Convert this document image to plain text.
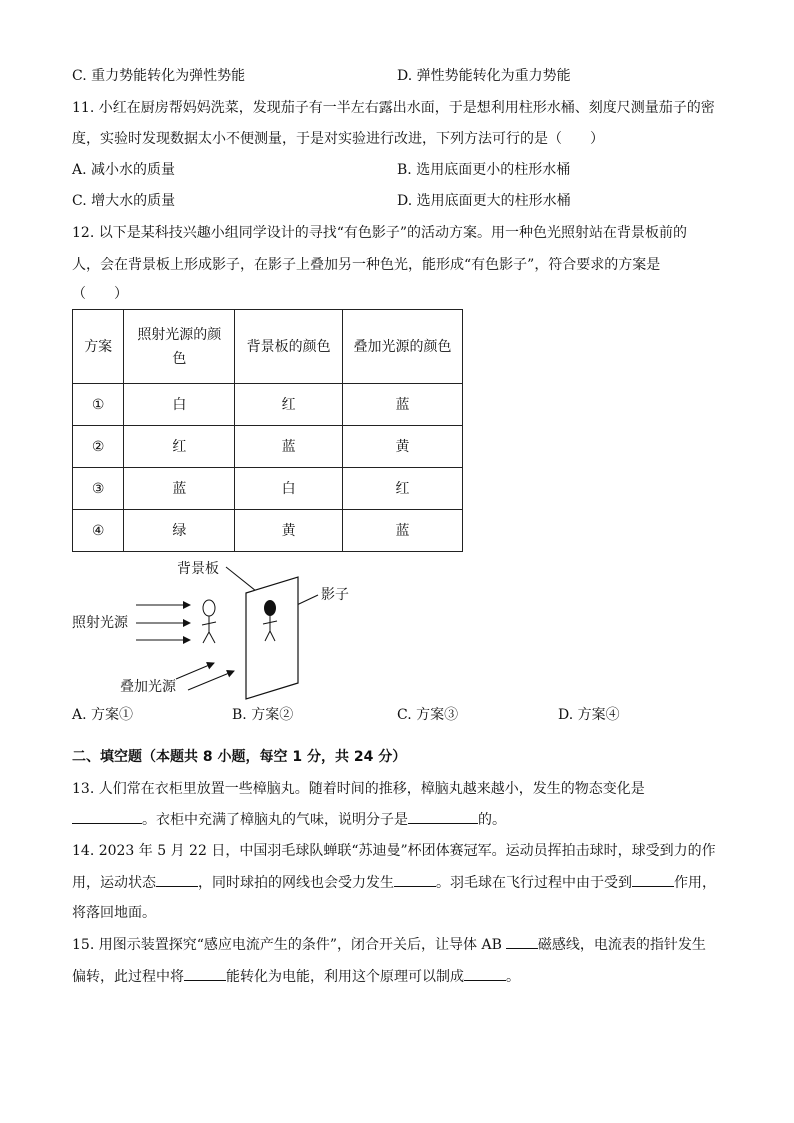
C. 重力势能转化为弹性势能	D. 弹性势能转化为重力势能
11. 小红在厨房帮妈妈洗菜，发现茄子有一半左右露出水面，于是想利用柱形水桶、刻度尺测量茄子的密
度，实验时发现数据太小不便测量，于是对实验进行改进，下列方法可行的是（　　）
A. 减小水的质量	B. 选用底面更小的柱形水桶
C. 增大水的质量	D. 选用底面更大的柱形水桶
12. 以下是某科技兴趣小组同学设计的寻找“有色影子”的活动方案。用一种色光照射站在背景板前的
人，会在背景板上形成影子，在影子上叠加另一种色光，能形成“有色影子”，符合要求的方案是
（　　）
方案	照射光源的颜色	背景板的颜色	叠加光源的颜色
①	白	红	蓝
②	红	蓝	黄
③	蓝	白	红
④	绿	黄	蓝
背景板
影子
照射光源
叠加光源
A. 方案①	B. 方案②	C. 方案③	D. 方案④
二、填空题（本题共 8 小题，每空 1 分，共 24 分）
13. 人们常在衣柜里放置一些樟脑丸。随着时间的推移，樟脑丸越来越小，发生的物态变化是
。衣柜中充满了樟脑丸的气味，说明分子是	的。
14. 2023 年 5 月 22 日，中国羽毛球队蝉联“苏迪曼”杯团体赛冠军。运动员挥拍击球时，球受到力的作
用，运动状态	，同时球拍的网线也会受力发生	。羽毛球在飞行过程中由于受到	作用，
将落回地面。
15. 用图示装置探究“感应电流产生的条件”，闭合开关后，让导体 AB	磁感线，电流表的指针发生
偏转，此过程中将	能转化为电能，利用这个原理可以制成	。
